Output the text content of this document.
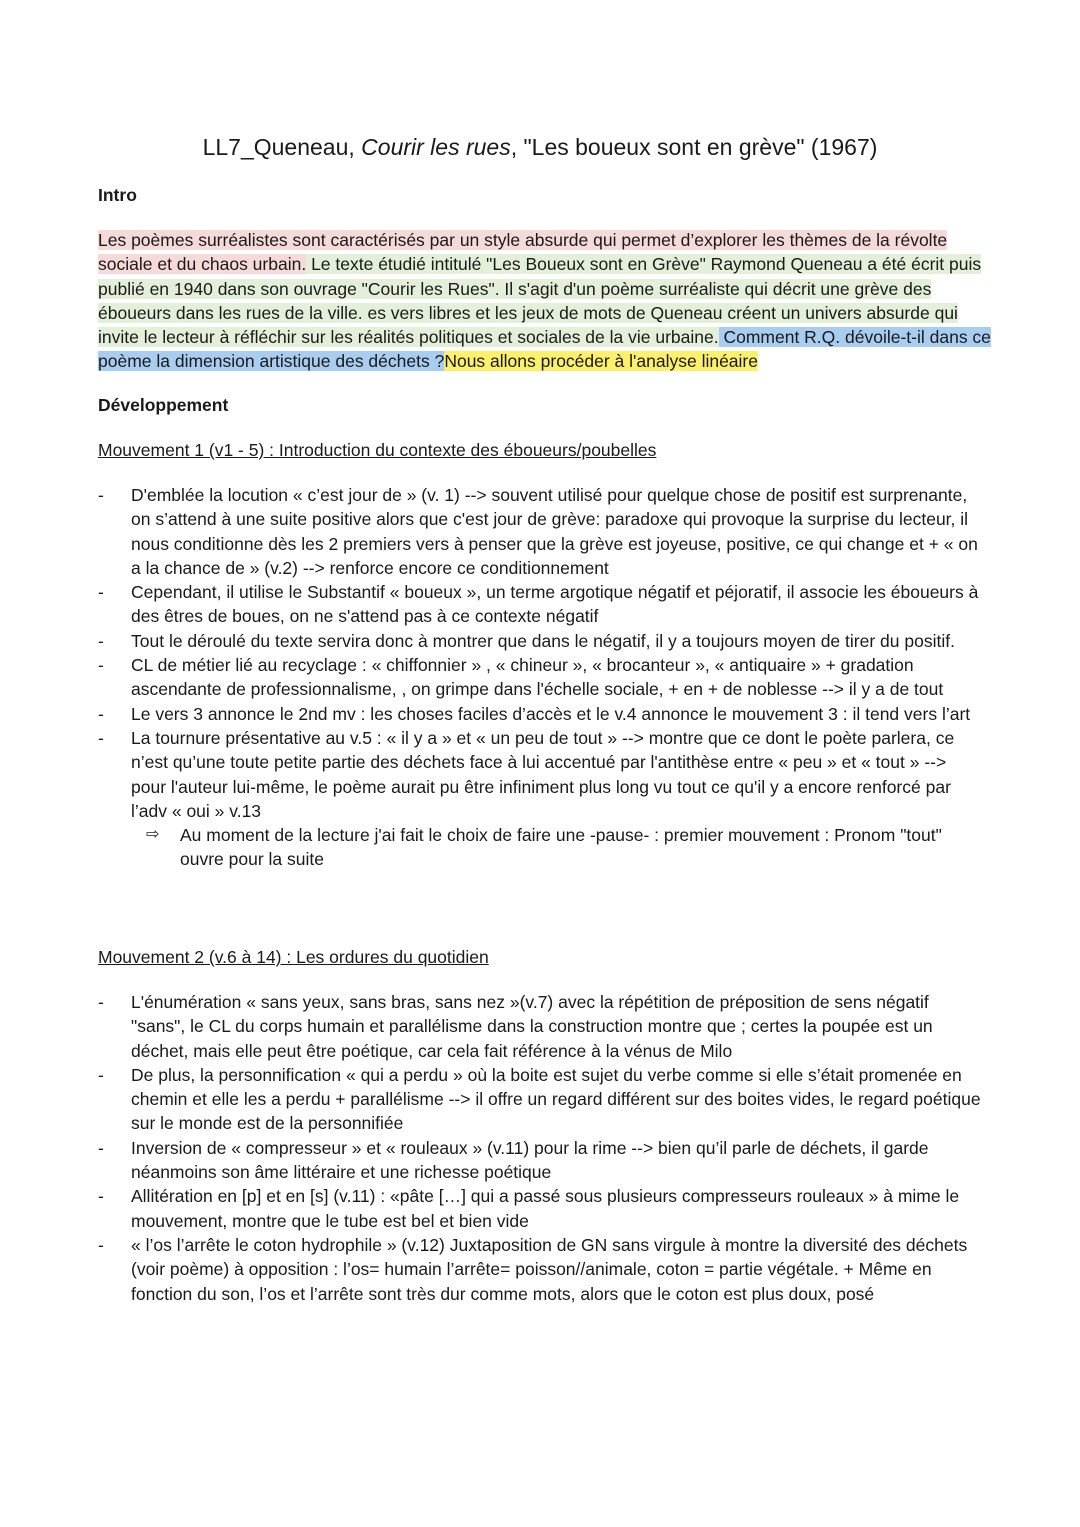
LL7_Queneau, Courir les rues, "Les boueux sont en grève" (1967)
Intro
Les poèmes surréalistes sont caractérisés par un style absurde qui permet d’explorer les thèmes de la révolte sociale et du chaos urbain. Le texte étudié intitulé "Les Boueux sont en Grève" Raymond Queneau a été écrit puis publié en 1940 dans son ouvrage "Courir les Rues". Il s'agit d'un poème surréaliste qui décrit une grève des éboueurs dans les rues de la ville. es vers libres et les jeux de mots de Queneau créent un univers absurde qui invite le lecteur à réfléchir sur les réalités politiques et sociales de la vie urbaine. Comment R.Q. dévoile-t-il dans ce poème la dimension artistique des déchets ?Nous allons procéder à l'analyse linéaire
Développement
Mouvement 1 (v1 - 5) : Introduction du contexte des éboueurs/poubelles
- D'emblée la locution « c’est jour de » (v. 1) --> souvent utilisé pour quelque chose de positif est surprenante, on s’attend à une suite positive alors que c'est jour de grève: paradoxe qui provoque la surprise du lecteur, il nous conditionne dès les 2 premiers vers à penser que la grève est joyeuse, positive, ce qui change et + « on a la chance de » (v.2) --> renforce encore ce conditionnement
- Cependant, il utilise le Substantif « boueux », un terme argotique négatif et péjoratif, il associe les éboueurs à des êtres de boues, on ne s'attend pas à ce contexte négatif
- Tout le déroulé du texte servira donc à montrer que dans le négatif, il y a toujours moyen de tirer du positif.
- CL de métier lié au recyclage : « chiffonnier » , « chineur », « brocanteur », « antiquaire » + gradation ascendante de professionnalisme, , on grimpe dans l'échelle sociale, + en + de noblesse --> il y a de tout
- Le vers 3 annonce le 2nd mv : les choses faciles d’accès et le v.4 annonce le mouvement 3 : il tend vers l’art
- La tournure présentative au v.5 : « il y a » et « un peu de tout » --> montre que ce dont le poète parlera, ce n’est qu’une toute petite partie des déchets face à lui accentué par l'antithèse entre « peu » et « tout » --> pour l'auteur lui-même, le poème aurait pu être infiniment plus long vu tout ce qu'il y a encore renforcé par l’adv « oui » v.13
⇨ Au moment de la lecture j'ai fait le choix de faire une -pause- : premier mouvement : Pronom "tout" ouvre pour la suite
Mouvement 2 (v.6 à 14) : Les ordures du quotidien
- L'énumération « sans yeux, sans bras, sans nez »(v.7) avec la répétition de préposition de sens négatif "sans", le CL du corps humain et parallélisme dans la construction montre que ; certes la poupée est un déchet, mais elle peut être poétique, car cela fait référence à la vénus de Milo
- De plus, la personnification « qui a perdu » où la boite est sujet du verbe comme si elle s’était promenée en chemin et elle les a perdu + parallélisme --> il offre un regard différent sur des boites vides, le regard poétique sur le monde est de la personnifiée
- Inversion de « compresseur » et « rouleaux » (v.11) pour la rime --> bien qu’il parle de déchets, il garde néanmoins son âme littéraire et une richesse poétique
- Allitération en [p] et en [s] (v.11) : «pâte […] qui a passé sous plusieurs compresseurs rouleaux » à mime le mouvement, montre que le tube est bel et bien vide
- « l’os l’arrête le coton hydrophile » (v.12) Juxtaposition de GN sans virgule à montre la diversité des déchets (voir poème) à opposition : l’os= humain l’arrête= poisson//animale, coton = partie végétale. + Même en fonction du son, l’os et l’arrête sont très dur comme mots, alors que le coton est plus doux, posé
